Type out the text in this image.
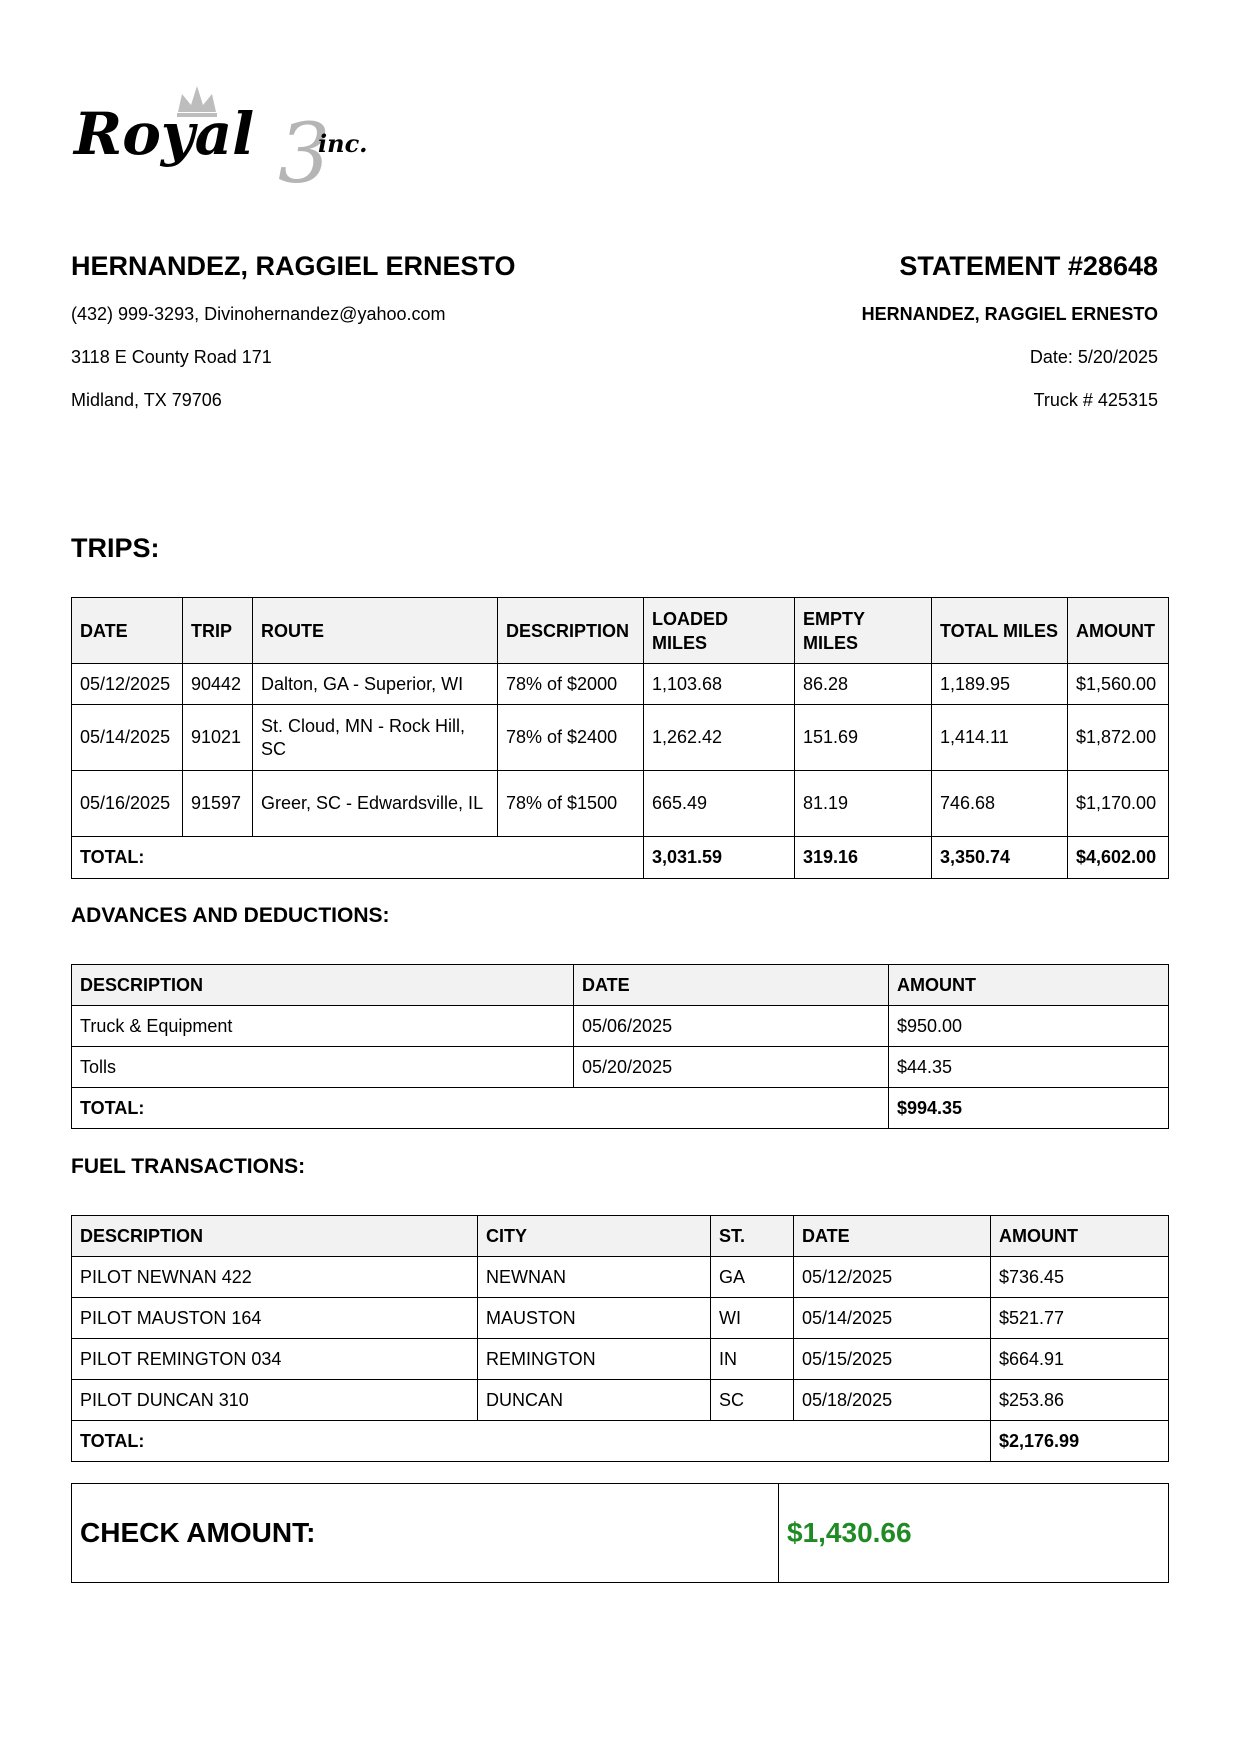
3
Royal	inc.
HERNANDEZ, RAGGIEL ERNESTO
(432) 999-3293, Divinohernandez@yahoo.com
3118 E County Road 171
Midland, TX 79706
STATEMENT #28648
HERNANDEZ, RAGGIEL ERNESTO
Date: 5/20/2025
Truck # 425315
TRIPS:
DATE	TRIP	ROUTE	DESCRIPTION	LOADED MILES	EMPTY MILES	TOTAL MILES	AMOUNT
05/12/2025	90442	Dalton, GA - Superior, WI	78% of $2000	1,103.68	86.28	1,189.95	$1,560.00
05/14/2025	91021	St. Cloud, MN - Rock Hill, SC	78% of $2400	1,262.42	151.69	1,414.11	$1,872.00
05/16/2025	91597	Greer, SC - Edwardsville, IL	78% of $1500	665.49	81.19	746.68	$1,170.00
TOTAL:				3,031.59	319.16	3,350.74	$4,602.00
ADVANCES AND DEDUCTIONS:
DESCRIPTION	DATE	AMOUNT
Truck & Equipment	05/06/2025	$950.00
Tolls	05/20/2025	$44.35
TOTAL:		$994.35
FUEL TRANSACTIONS:
DESCRIPTION	CITY	ST.	DATE	AMOUNT
PILOT NEWNAN 422	NEWNAN	GA	05/12/2025	$736.45
PILOT MAUSTON 164	MAUSTON	WI	05/14/2025	$521.77
PILOT REMINGTON 034	REMINGTON	IN	05/15/2025	$664.91
PILOT DUNCAN 310	DUNCAN	SC	05/18/2025	$253.86
TOTAL:				$2,176.99
CHECK AMOUNT:	$1,430.66
